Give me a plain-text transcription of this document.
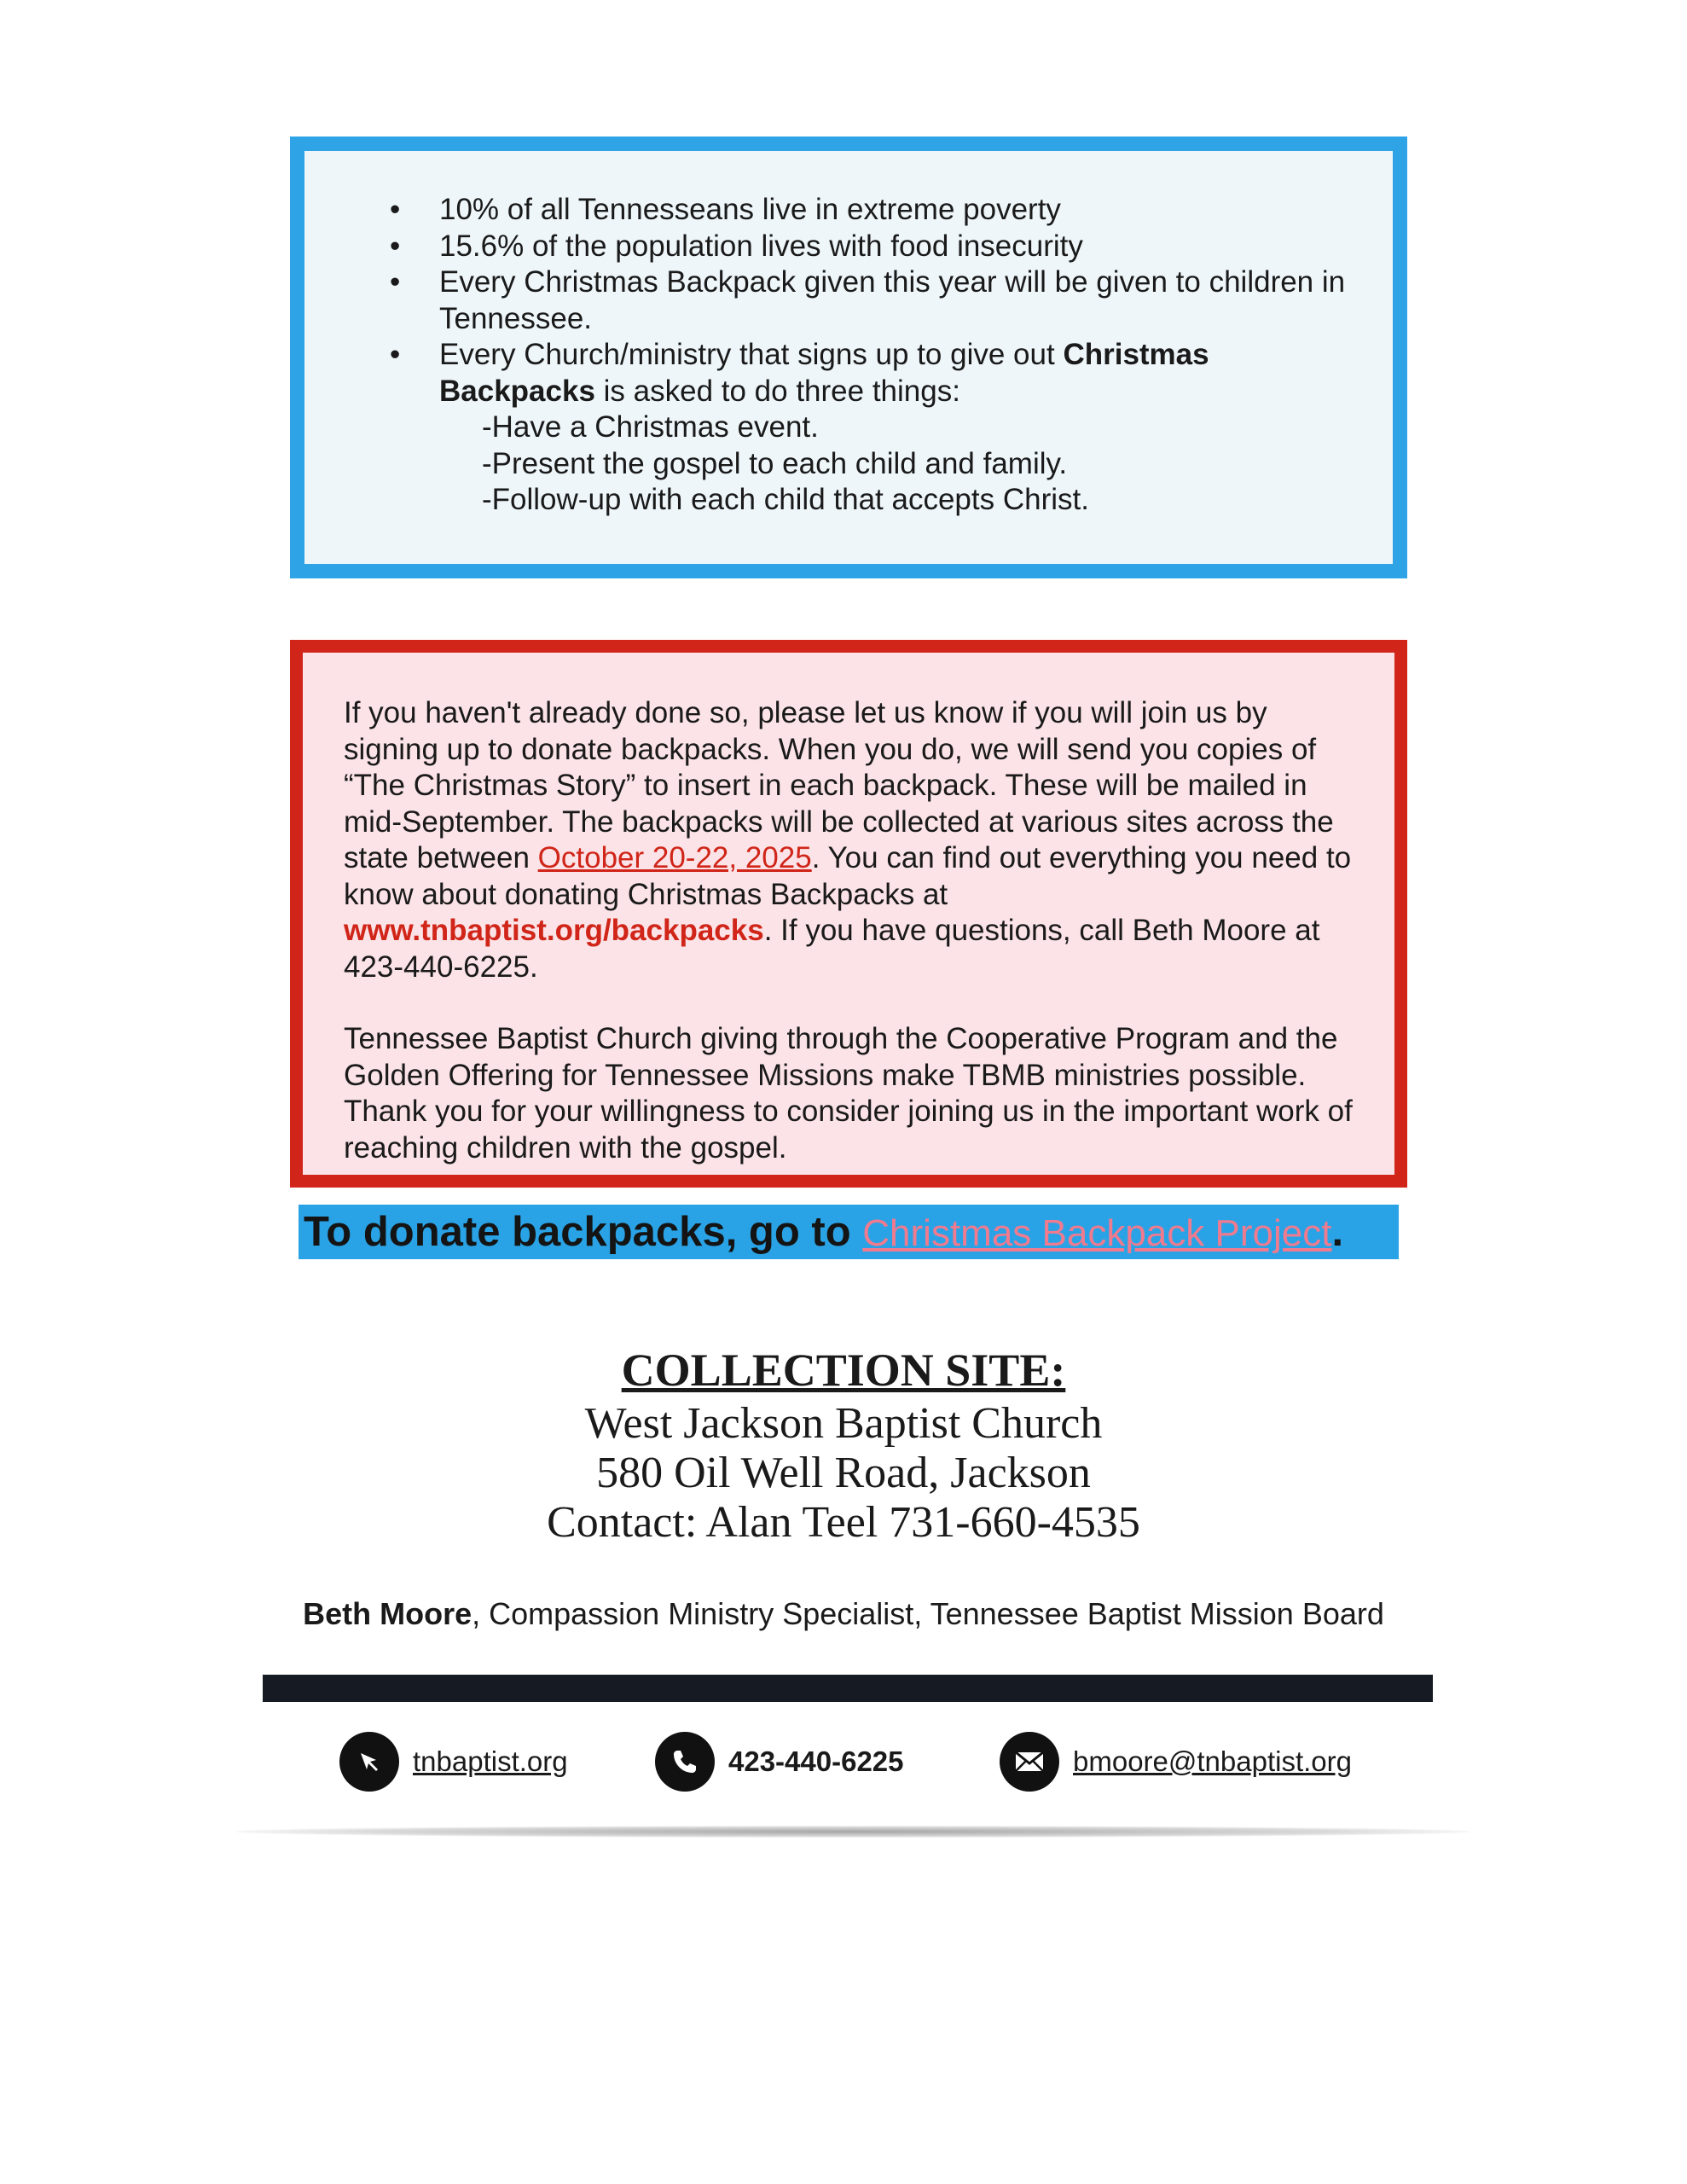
•	10% of all Tennesseans live in extreme poverty
•	15.6% of the population lives with food insecurity
•	Every Christmas Backpack given this year will be given to children in Tennessee.
•	Every Church/ministry that signs up to give out Christmas Backpacks is asked to do three things:
-Have a Christmas event.
-Present the gospel to each child and family.
-Follow-up with each child that accepts Christ.

If you haven't already done so, please let us know if you will join us by signing up to donate backpacks. When you do, we will send you copies of “The Christmas Story” to insert in each backpack. These will be mailed in mid-September. The backpacks will be collected at various sites across the state between October 20-22, 2025. You can find out everything you need to know about donating Christmas Backpacks at www.tnbaptist.org/backpacks. If you have questions, call Beth Moore at 423-440-6225.

Tennessee Baptist Church giving through the Cooperative Program and the Golden Offering for Tennessee Missions make TBMB ministries possible. Thank you for your willingness to consider joining us in the important work of reaching children with the gospel.

To donate backpacks, go to Christmas Backpack Project.
COLLECTION SITE:
West Jackson Baptist Church
580 Oil Well Road, Jackson
Contact: Alan Teel 731-660-4535
Beth Moore, Compassion Ministry Specialist, Tennessee Baptist Mission Board
tnbaptist.org	423-440-6225	bmoore@tnbaptist.org
